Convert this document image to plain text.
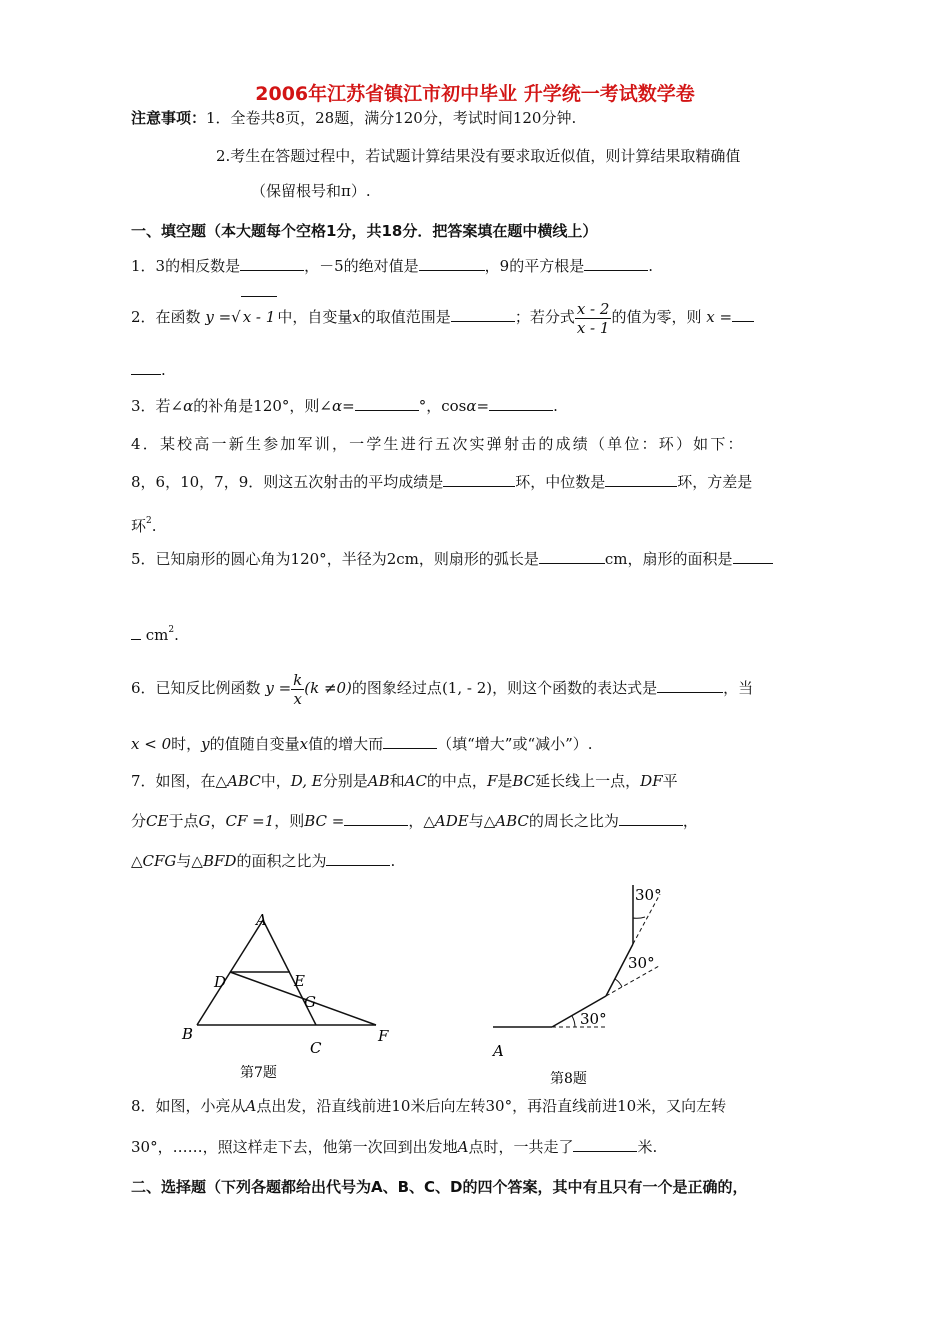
2006年江苏省镇江市初中毕业 升学统一考试数学卷
注意事项：1．全卷共8页，28题，满分120分，考试时间120分钟.
2.考生在答题过程中，若试题计算结果没有要求取近似值，则计算结果取精确值
（保留根号和π）.
一、填空题（本大题每个空格1分，共18分．把答案填在题中横线上）
1．3的相反数是	，－5的绝对值是	，9的平方根是	.
2．在函数 y =√ x - 1 中，自变量x的取值范围是	；若分式 $\frac{x - 2}{x - 1}$ 的值为零，则 x =
.
3．若∠α的补角是120°，则∠α=	°，cosα=	.
4．某校高一新生参加军训，一学生进行五次实弹射击的成绩（单位：环）如下：
8，6，10，7，9．则这五次射击的平均成绩是	环，中位数是	环，方差是
环$^2$.
5．已知扇形的圆心角为120°，半径为2cm，则扇形的弧长是	cm，扇形的面积是
$cm^2$.
6．已知反比例函数 $y = \frac{k}{x} (k \ne 0)$的图象经过点(1, - 2)，则这个函数的表达式是	，当
x < 0时，y的值随自变量x值的增大而	（填“增大”或“减小”）.
7．如图，在△ABC中，D, E分别是AB和AC的中点，F是BC延长线上一点，DF平
分CE于点G，CF =1，则BC =	，△ADE与△ABC的周长之比为	，
△CFG与△BFD的面积之比为	.
A
D	E
G
B
C
F
第7题
30°
30°
30°
A
第8题
8．如图，小亮从A点出发，沿直线前进10米后向左转30°，再沿直线前进10米，又向左转
30°，……，照这样走下去，他第一次回到出发地A点时，一共走了	米.
二、选择题（下列各题都给出代号为A、B、C、D的四个答案，其中有且只有一个是正确的，
